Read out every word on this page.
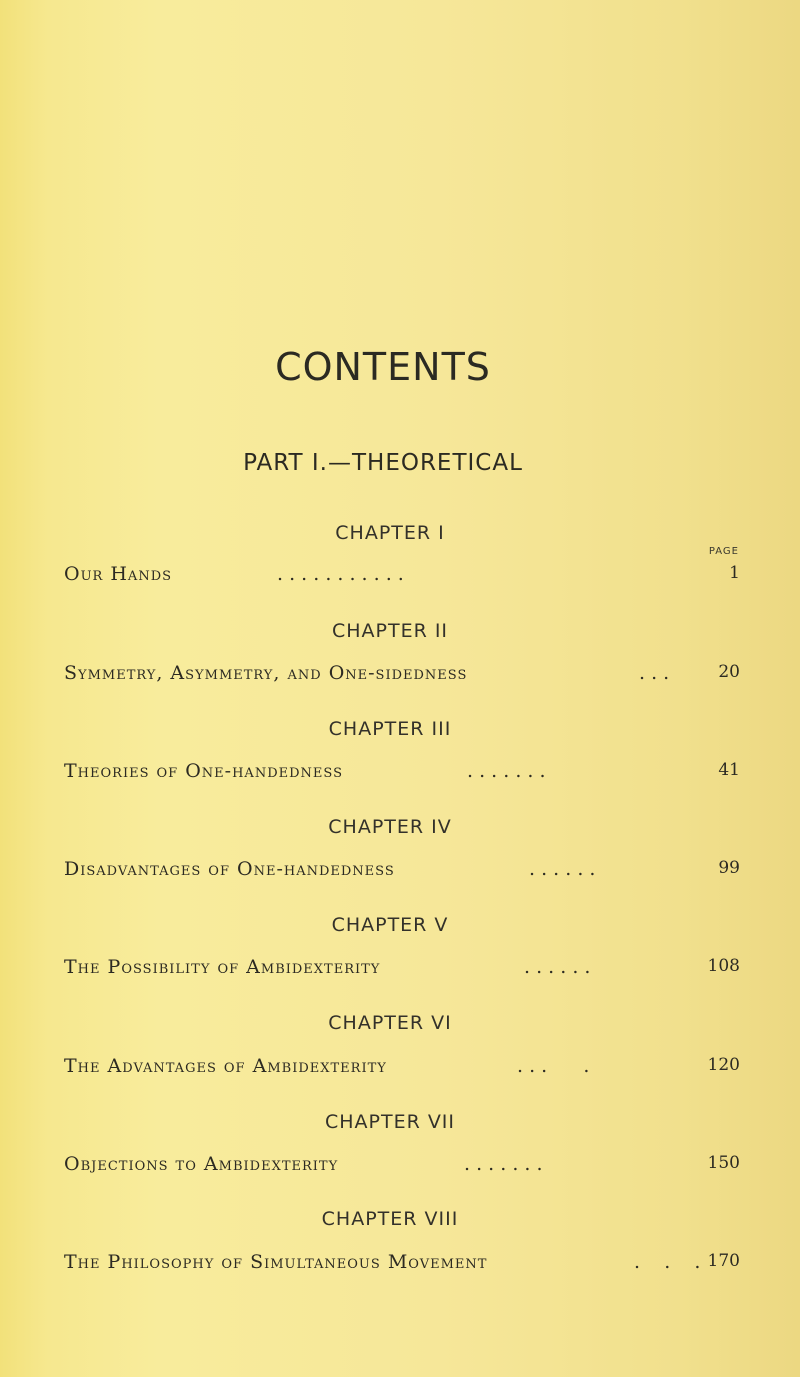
CONTENTS
PART I.—THEORETICAL
CHAPTER I
PAGE
Our Hands	. . . . . . . . . . .	1
CHAPTER II
Symmetry, Asymmetry, and One-sidedness	. . .	20
CHAPTER III
Theories of One-handedness	. . . . . . .	41
CHAPTER IV
Disadvantages of One-handedness	. . . . . .	99
CHAPTER V
The Possibility of Ambidexterity	. . . . . .	108
CHAPTER VI
The Advantages of Ambidexterity	. . .      .	120
CHAPTER VII
Objections to Ambidexterity	. . . . . . .	150
CHAPTER VIII
The Philosophy of Simultaneous Movement	.    .    . 170
